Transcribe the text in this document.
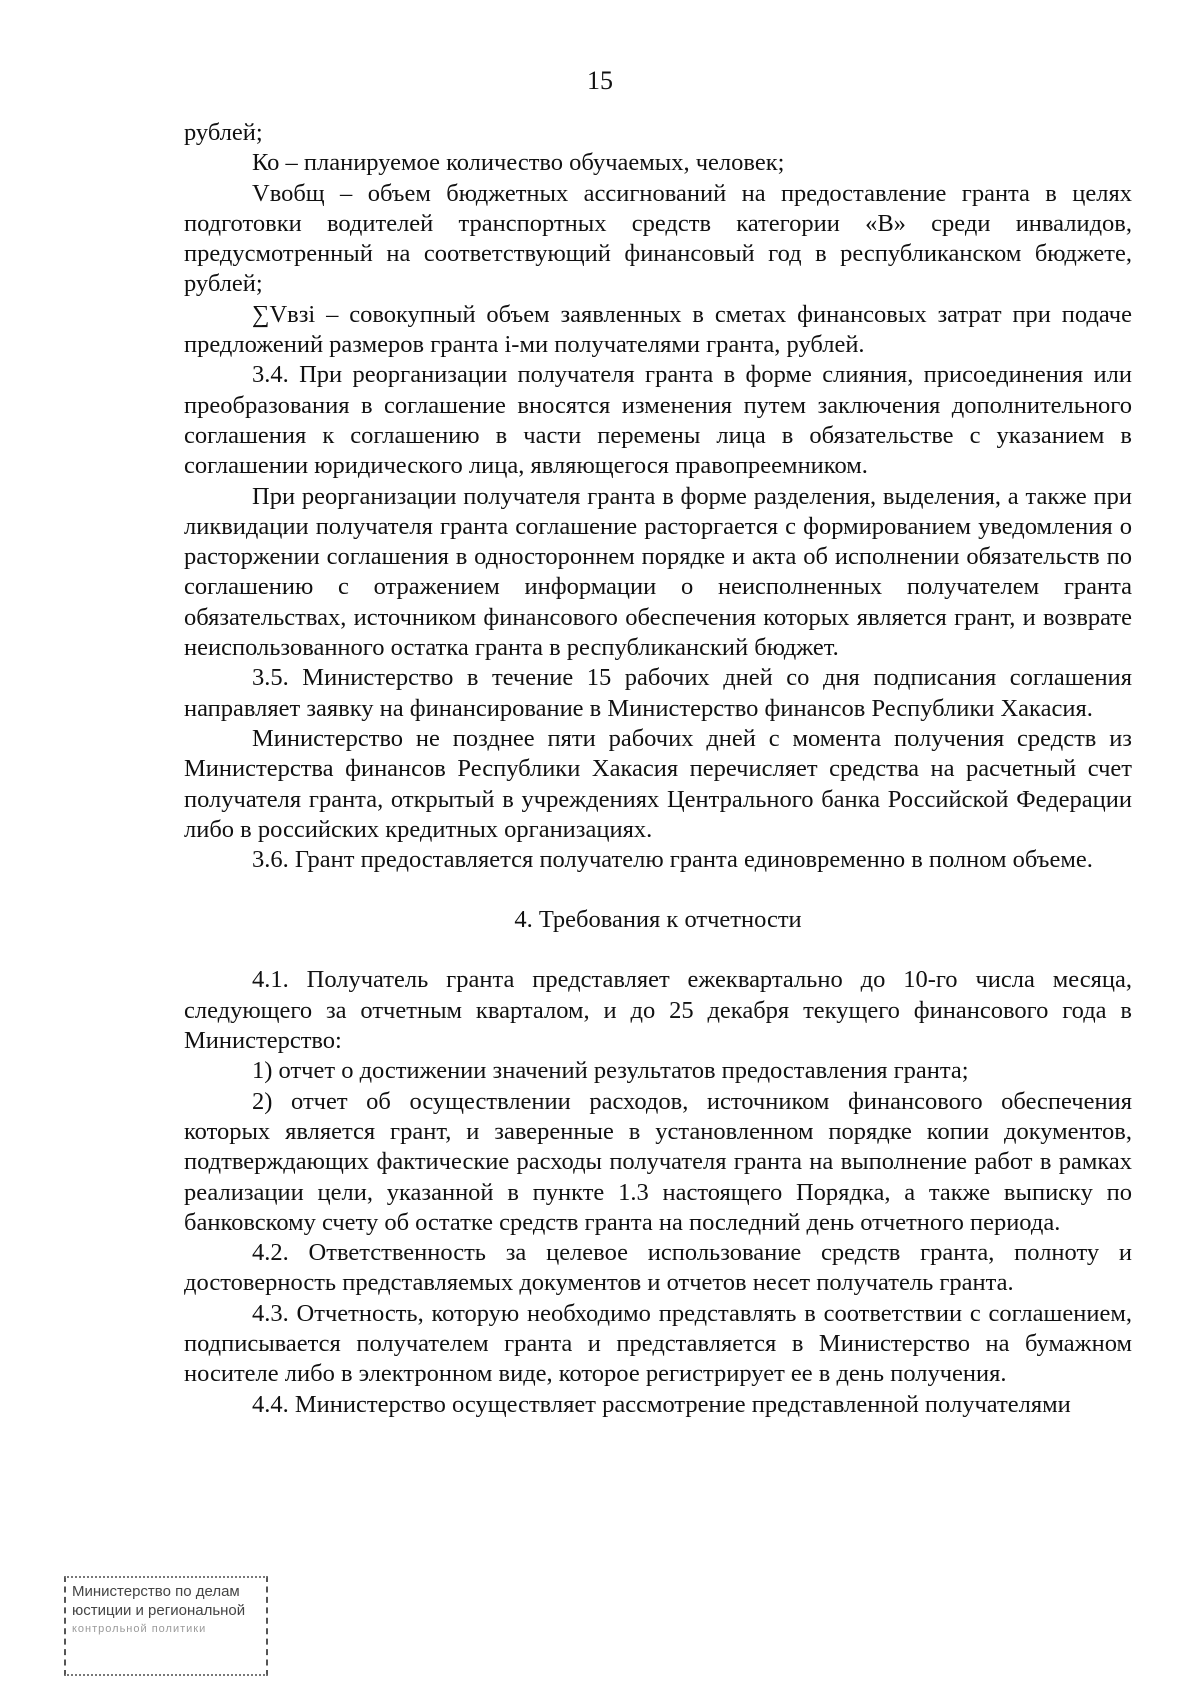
15

рублей;

Ко – планируемое количество обучаемых, человек;

Vвобщ – объем бюджетных ассигнований на предоставление гранта в целях подготовки водителей транспортных средств категории «В» среди инвалидов, предусмотренный на соответствующий финансовый год в республиканском бюджете, рублей;

∑Vвзi – совокупный объем заявленных в сметах финансовых затрат при подаче предложений размеров гранта i-ми получателями гранта, рублей.

3.4. При реорганизации получателя гранта в форме слияния, присоединения или преобразования в соглашение вносятся изменения путем заключения дополнительного соглашения к соглашению в части перемены лица в обязательстве с указанием в соглашении юридического лица, являющегося правопреемником.

При реорганизации получателя гранта в форме разделения, выделения, а также при ликвидации получателя гранта соглашение расторгается с формированием уведомления о расторжении соглашения в одностороннем порядке и акта об исполнении обязательств по соглашению с отражением информации о неисполненных получателем гранта обязательствах, источником финансового обеспечения которых является грант, и возврате неиспользованного остатка гранта в республиканский бюджет.

3.5. Министерство в течение 15 рабочих дней со дня подписания соглашения направляет заявку на финансирование в Министерство финансов Республики Хакасия.

Министерство не позднее пяти рабочих дней с момента получения средств из Министерства финансов Республики Хакасия перечисляет средства на расчетный счет получателя гранта, открытый в учреждениях Центрального банка Российской Федерации либо в российских кредитных организациях.

3.6. Грант предоставляется получателю гранта единовременно в полном объеме.

4. Требования к отчетности

4.1. Получатель гранта представляет ежеквартально до 10-го числа месяца, следующего за отчетным кварталом, и до 25 декабря текущего финансового года в Министерство:

1) отчет о достижении значений результатов предоставления гранта;

2) отчет об осуществлении расходов, источником финансового обеспечения которых является грант, и заверенные в установленном порядке копии документов, подтверждающих фактические расходы получателя гранта на выполнение работ в рамках реализации цели, указанной в пункте 1.3 настоящего Порядка, а также выписку по банковскому счету об остатке средств гранта на последний день отчетного периода.

4.2. Ответственность за целевое использование средств гранта, полноту и достоверность представляемых документов и отчетов несет получатель гранта.

4.3. Отчетность, которую необходимо представлять в соответствии с соглашением, подписывается получателем гранта и представляется в Министерство на бумажном носителе либо в электронном виде, которое регистрирует ее в день получения.

4.4. Министерство осуществляет рассмотрение представленной получателями

Министерство по делам
юстиции и региональной
контрольной политики
